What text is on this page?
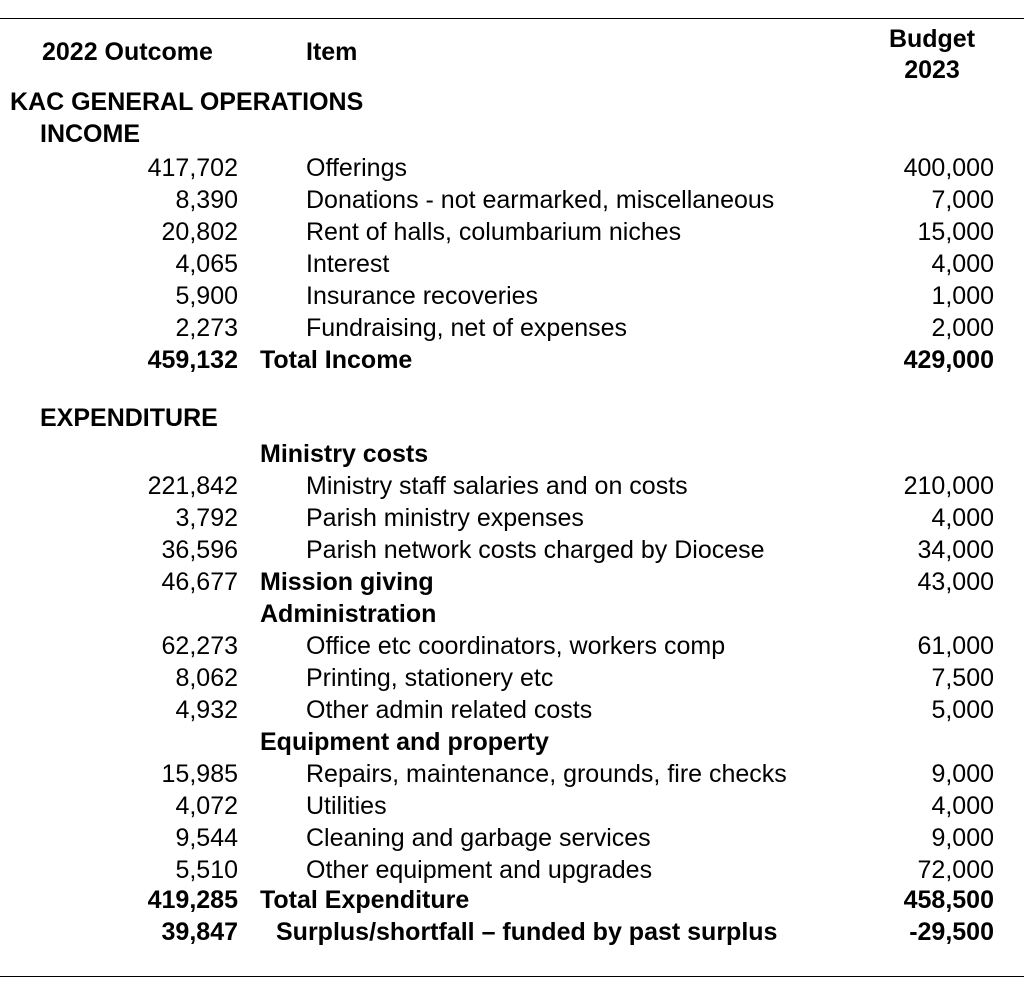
2022 Outcome	Item	Budget
2023
KAC GENERAL OPERATIONS
INCOME
417,702	Offerings	400,000
8,390	Donations - not earmarked, miscellaneous	7,000
20,802	Rent of halls, columbarium niches	15,000
4,065	Interest	4,000
5,900	Insurance recoveries	1,000
2,273	Fundraising, net of expenses	2,000
459,132 Total Income	429,000
EXPENDITURE
Ministry costs
221,842	Ministry staff salaries and on costs	210,000
3,792	Parish ministry expenses	4,000
36,596	Parish network costs charged by Diocese	34,000
46,677 Mission giving	43,000
Administration
62,273	Office etc coordinators, workers comp	61,000
8,062	Printing, stationery etc	7,500
4,932	Other admin related costs	5,000
Equipment and property
15,985	Repairs, maintenance, grounds, fire checks	9,000
4,072	Utilities	4,000
9,544	Cleaning and garbage services	9,000
5,510	Other equipment and upgrades	72,000
419,285 Total Expenditure	458,500
39,847 Surplus/shortfall – funded by past surplus	-29,500
